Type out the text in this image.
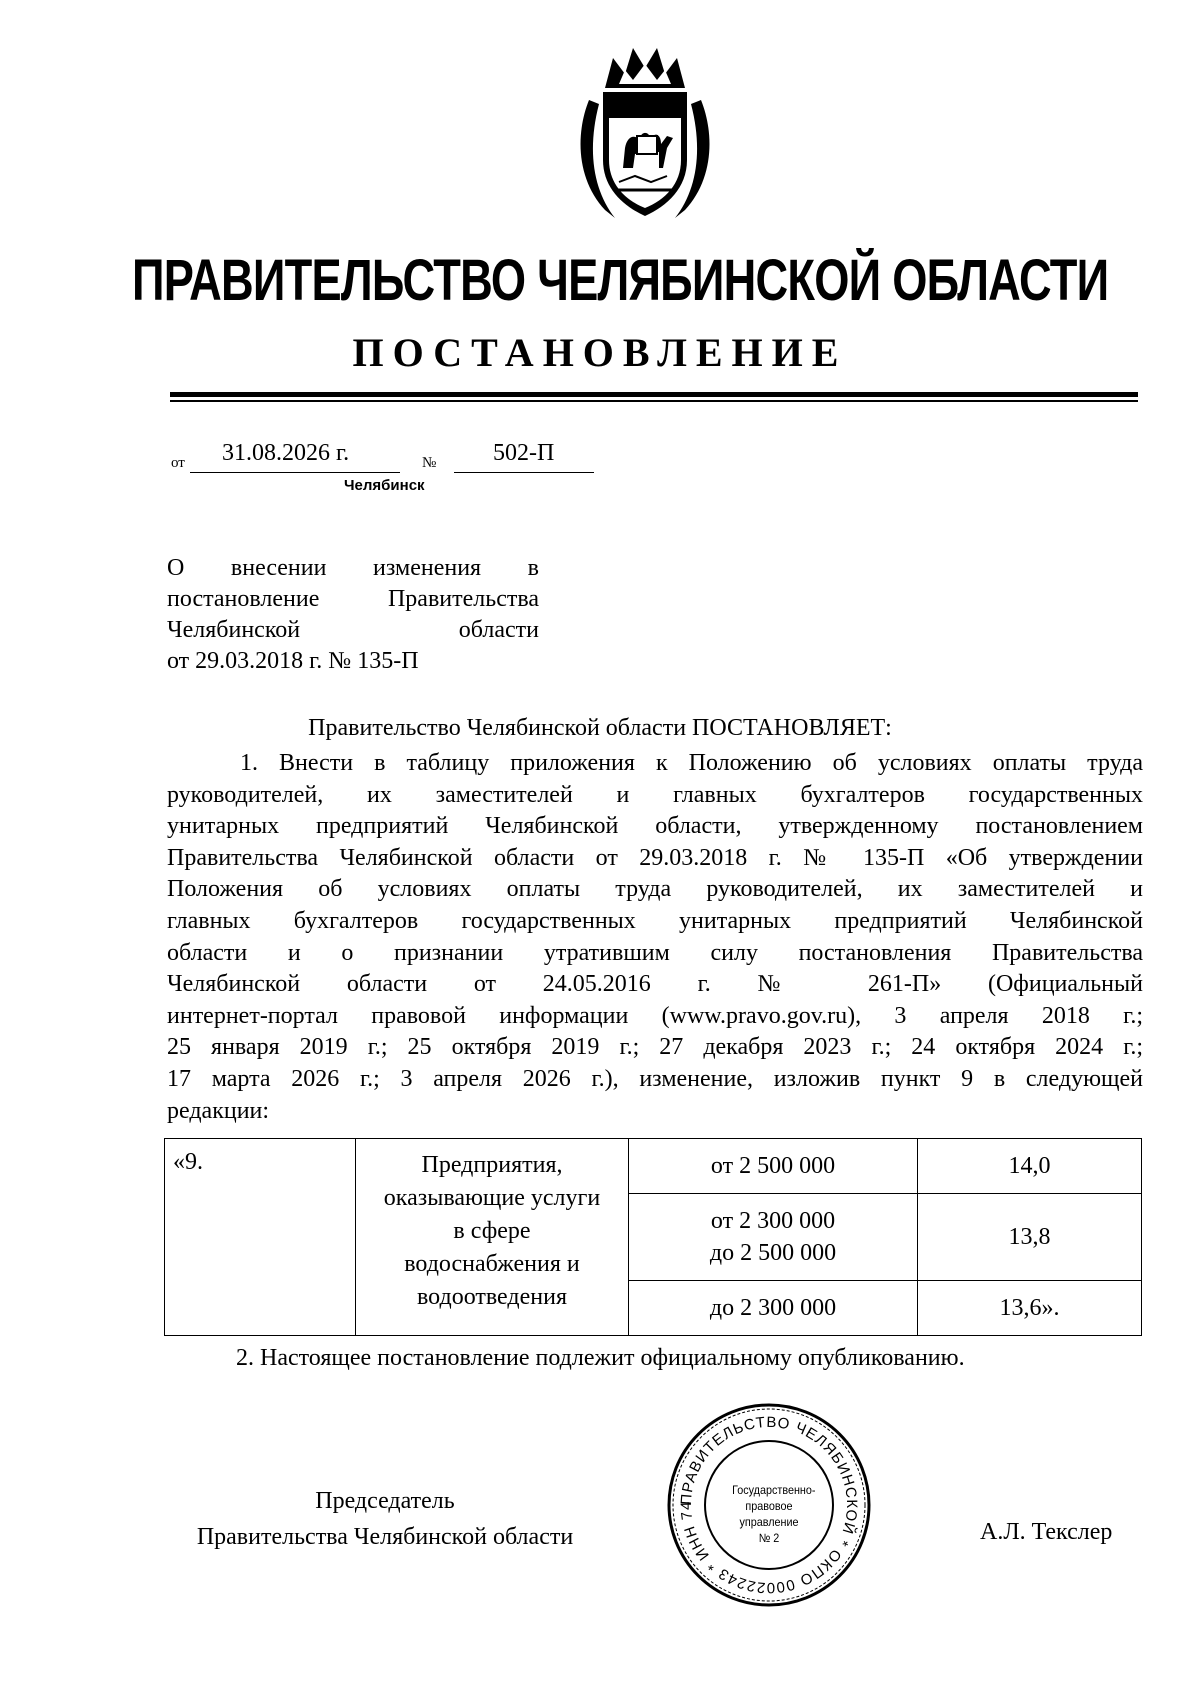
ПРАВИТЕЛЬСТВО ЧЕЛЯБИНСКОЙ ОБЛАСТИ
ПОСТАНОВЛЕНИЕ
от 31.08.2026 г.	№ 502-П
Челябинск
О внесении изменения в
постановление Правительства
Челябинской области
от 29.03.2018 г. № 135-П
Правительство Челябинской области ПОСТАНОВЛЯЕТ:
1. Внести в таблицу приложения к Положению об условиях оплаты труда
руководителей, их заместителей и главных бухгалтеров государственных
унитарных предприятий Челябинской области, утвержденному постановлением
Правительства Челябинской области от 29.03.2018 г. № 135-П «Об утверждении
Положения об условиях оплаты труда руководителей, их заместителей и
главных бухгалтеров государственных унитарных предприятий Челябинской
области и о признании утратившим силу постановления Правительства
Челябинской области от 24.05.2016 г. № 261-П» (Официальный
интернет-портал правовой информации (www.pravo.gov.ru), 3 апреля 2018 г.;
25 января 2019 г.; 25 октября 2019 г.; 27 декабря 2023 г.; 24 октября 2024 г.;
17 марта 2026 г.; 3 апреля 2026 г.), изменение, изложив пункт 9 в следующей
редакции:
«9.	Предприятия,
оказывающие услуги
в сфере
водоснабжения и
водоотведения	от 2 500 000	14,0

		от 2 300 000
до 2 500 000	13,8

		до 2 300 000	13,6».
2. Настоящее постановление подлежит официальному опубликованию.
Председатель
Правительства Челябинской области	А.Л. Текслер
ПРАВИТЕЛЬСТВО ЧЕЛЯБИНСКОЙ * ОКПО 00022243 * ИНН 74
Государственно-
правовое
управление
№ 2
